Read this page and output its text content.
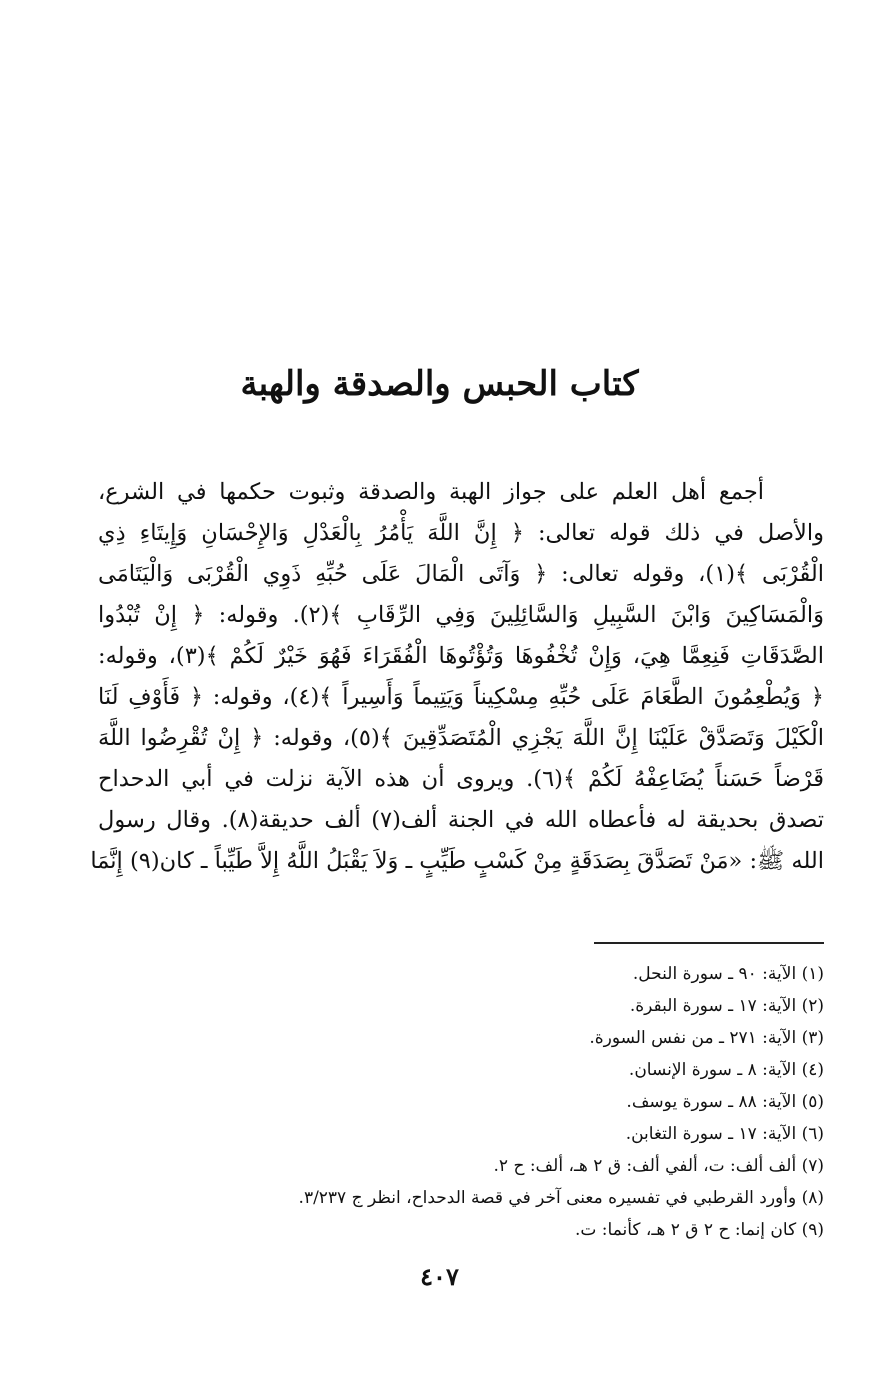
كتاب الحبس والصدقة والهبة
أجمع أهل العلم على جواز الهبة والصدقة وثبوت حكمها في الشرع،
والأصل في ذلك قوله تعالى: ﴿ إِنَّ اللَّهَ يَأْمُرُ بِالْعَدْلِ وَالإِحْسَانِ وَإِيتَاءِ ذِي
الْقُرْبَى ﴾(١)، وقوله تعالى: ﴿ وَآتَى الْمَالَ عَلَى حُبِّهِ ذَوِي الْقُرْبَى وَالْيَتَامَى
وَالْمَسَاكِينَ وَابْنَ السَّبِيلِ وَالسَّائِلِينَ وَفِي الرِّقَابِ ﴾(٢). وقوله: ﴿ إِنْ تُبْدُوا
الصَّدَقَاتِ فَنِعِمَّا هِيَ، وَإِنْ تُخْفُوهَا وَتُؤْتُوهَا الْفُقَرَاءَ فَهُوَ خَيْرٌ لَكُمْ ﴾(٣)، وقوله:
﴿ وَيُطْعِمُونَ الطَّعَامَ عَلَى حُبِّهِ مِسْكِيناً وَيَتِيماً وَأَسِيراً ﴾(٤)، وقوله: ﴿ فَأَوْفِ لَنَا
الْكَيْلَ وَتَصَدَّقْ عَلَيْنَا إِنَّ اللَّهَ يَجْزِي الْمُتَصَدِّقِينَ ﴾(٥)، وقوله: ﴿ إِنْ تُقْرِضُوا اللَّهَ
قَرْضاً حَسَناً يُضَاعِفْهُ لَكُمْ ﴾(٦). ويروى أن هذه الآية نزلت في أبي الدحداح
تصدق بحديقة له فأعطاه الله في الجنة ألف(٧) ألف حديقة(٨). وقال رسول
الله ﷺ: «مَنْ تَصَدَّقَ بِصَدَقَةٍ مِنْ كَسْبٍ طَيِّبٍ ـ وَلاَ يَقْبَلُ اللَّهُ إِلاَّ طَيِّباً ـ كان(٩) إِنَّمَا
(١) الآية: ٩٠ ـ سورة النحل.
(٢) الآية: ١٧ ـ سورة البقرة.
(٣) الآية: ٢٧١ ـ من نفس السورة.
(٤) الآية: ٨ ـ سورة الإنسان.
(٥) الآية: ٨٨ ـ سورة يوسف.
(٦) الآية: ١٧ ـ سورة التغابن.
(٧) ألف ألف: ت، ألفي ألف: ق ٢ هـ، ألف: ح ٢.
(٨) وأورد القرطبي في تفسيره معنى آخر في قصة الدحداح، انظر ج ٣/٢٣٧.
(٩) كان إنما: ح ٢ ق ٢ هـ، كأنما: ت.
٤٠٧
